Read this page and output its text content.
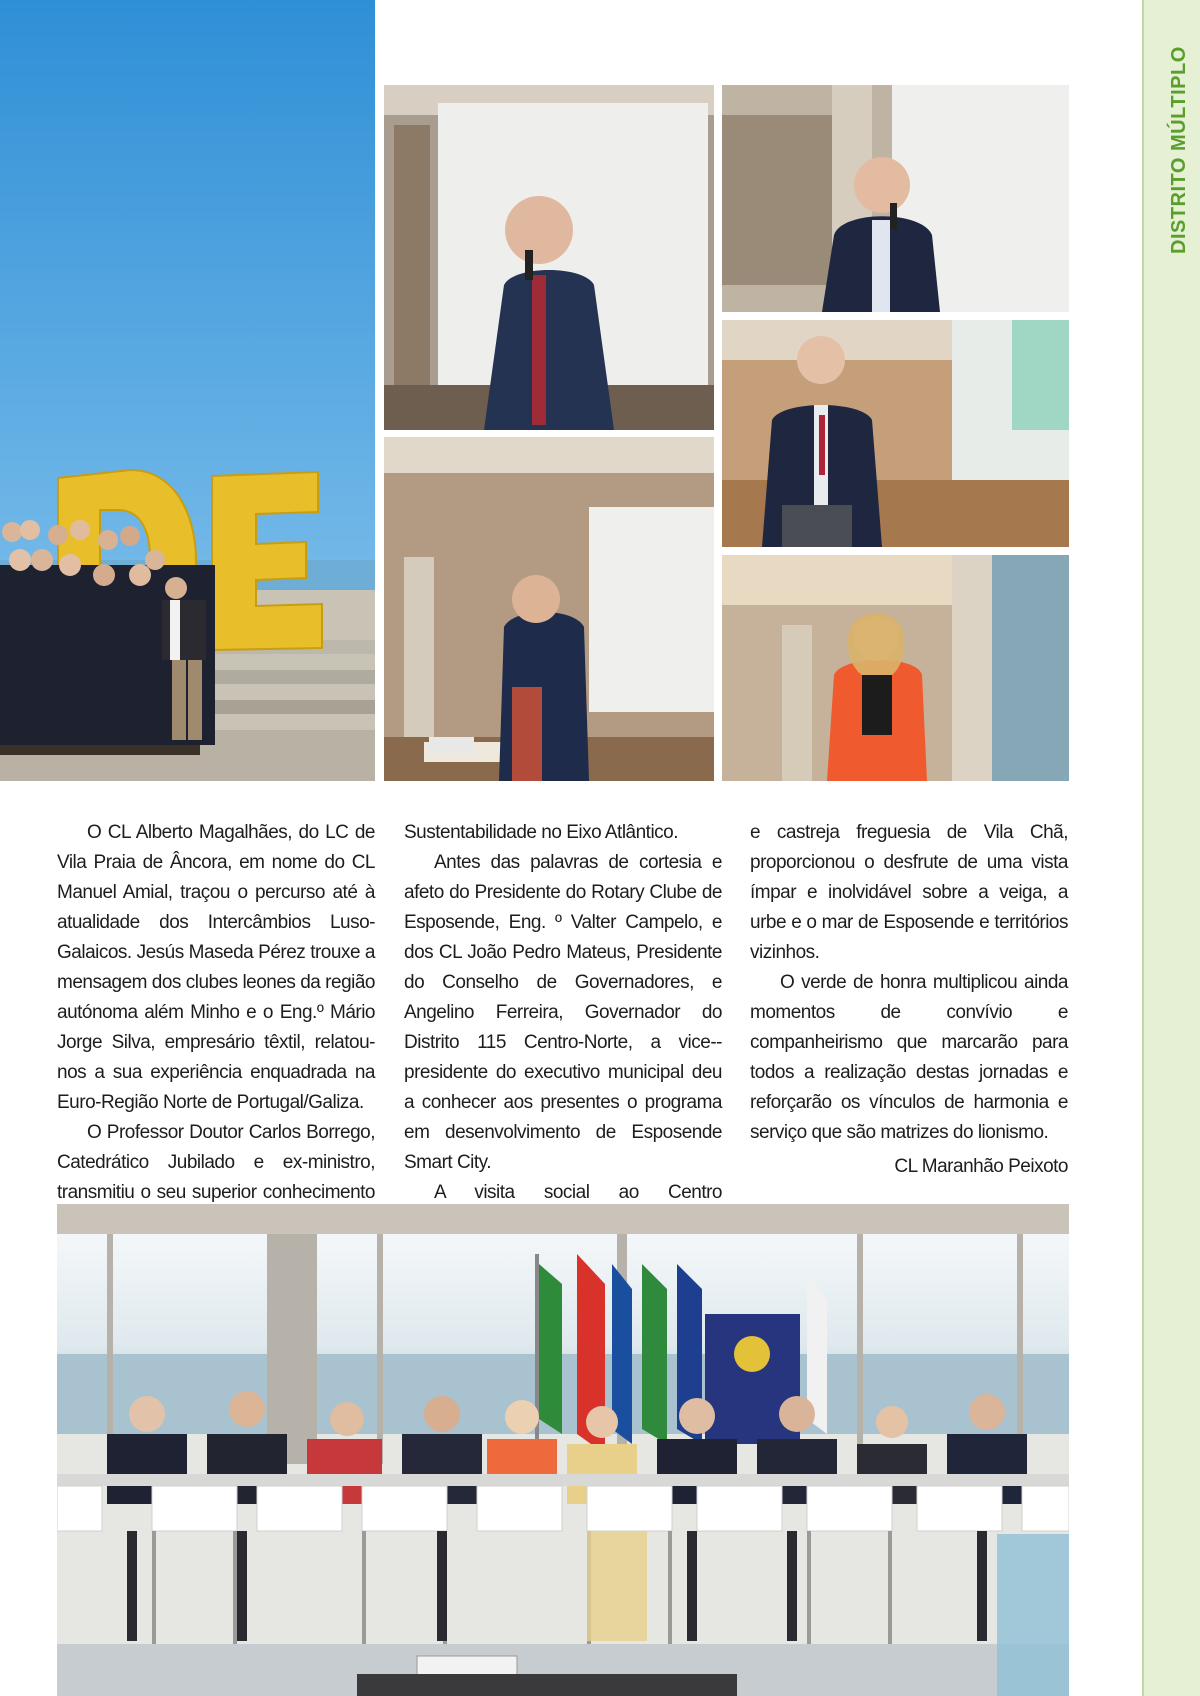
DISTRITO MÚLTIPLO

O CL Alberto Magalhães, do LC de Vila Praia de Âncora, em nome do CL Manuel Amial, traçou o percurso até à atualidade dos Intercâmbios Luso-Galaicos. Jesús Maseda Pérez trouxe a mensagem dos clubes leones da região autónoma além Minho e o Eng.º Mário Jorge Silva, empresário têxtil, relatou-nos a sua experiência enquadrada na Euro-Região Norte de Portugal/Galiza.

O Professor Doutor Carlos Borrego, Catedrático Jubilado e ex-ministro, transmitiu o seu superior conhecimento

Sustentabilidade no Eixo Atlântico.

Antes das palavras de cortesia e afeto do Presidente do Rotary Clube de Esposende, Eng. º Valter Campelo, e dos CL João Pedro Mateus, Presidente do Conselho de Governadores, e Angelino Ferreira, Governador do Distrito 115 Centro-Norte, a vice--presidente do executivo municipal deu a conhecer aos presentes o programa em desenvolvimento de Esposende Smart City.

A visita social ao Centro

e castreja freguesia de Vila Chã, proporcionou o desfrute de uma vista ímpar e inolvidável sobre a veiga, a urbe e o mar de Esposende e territórios vizinhos.

O verde de honra multiplicou ainda momentos de convívio e companheirismo que marcarão para todos a realização destas jornadas e reforçarão os vínculos de harmonia e serviço que são matrizes do lionismo.

CL Maranhão Peixoto
